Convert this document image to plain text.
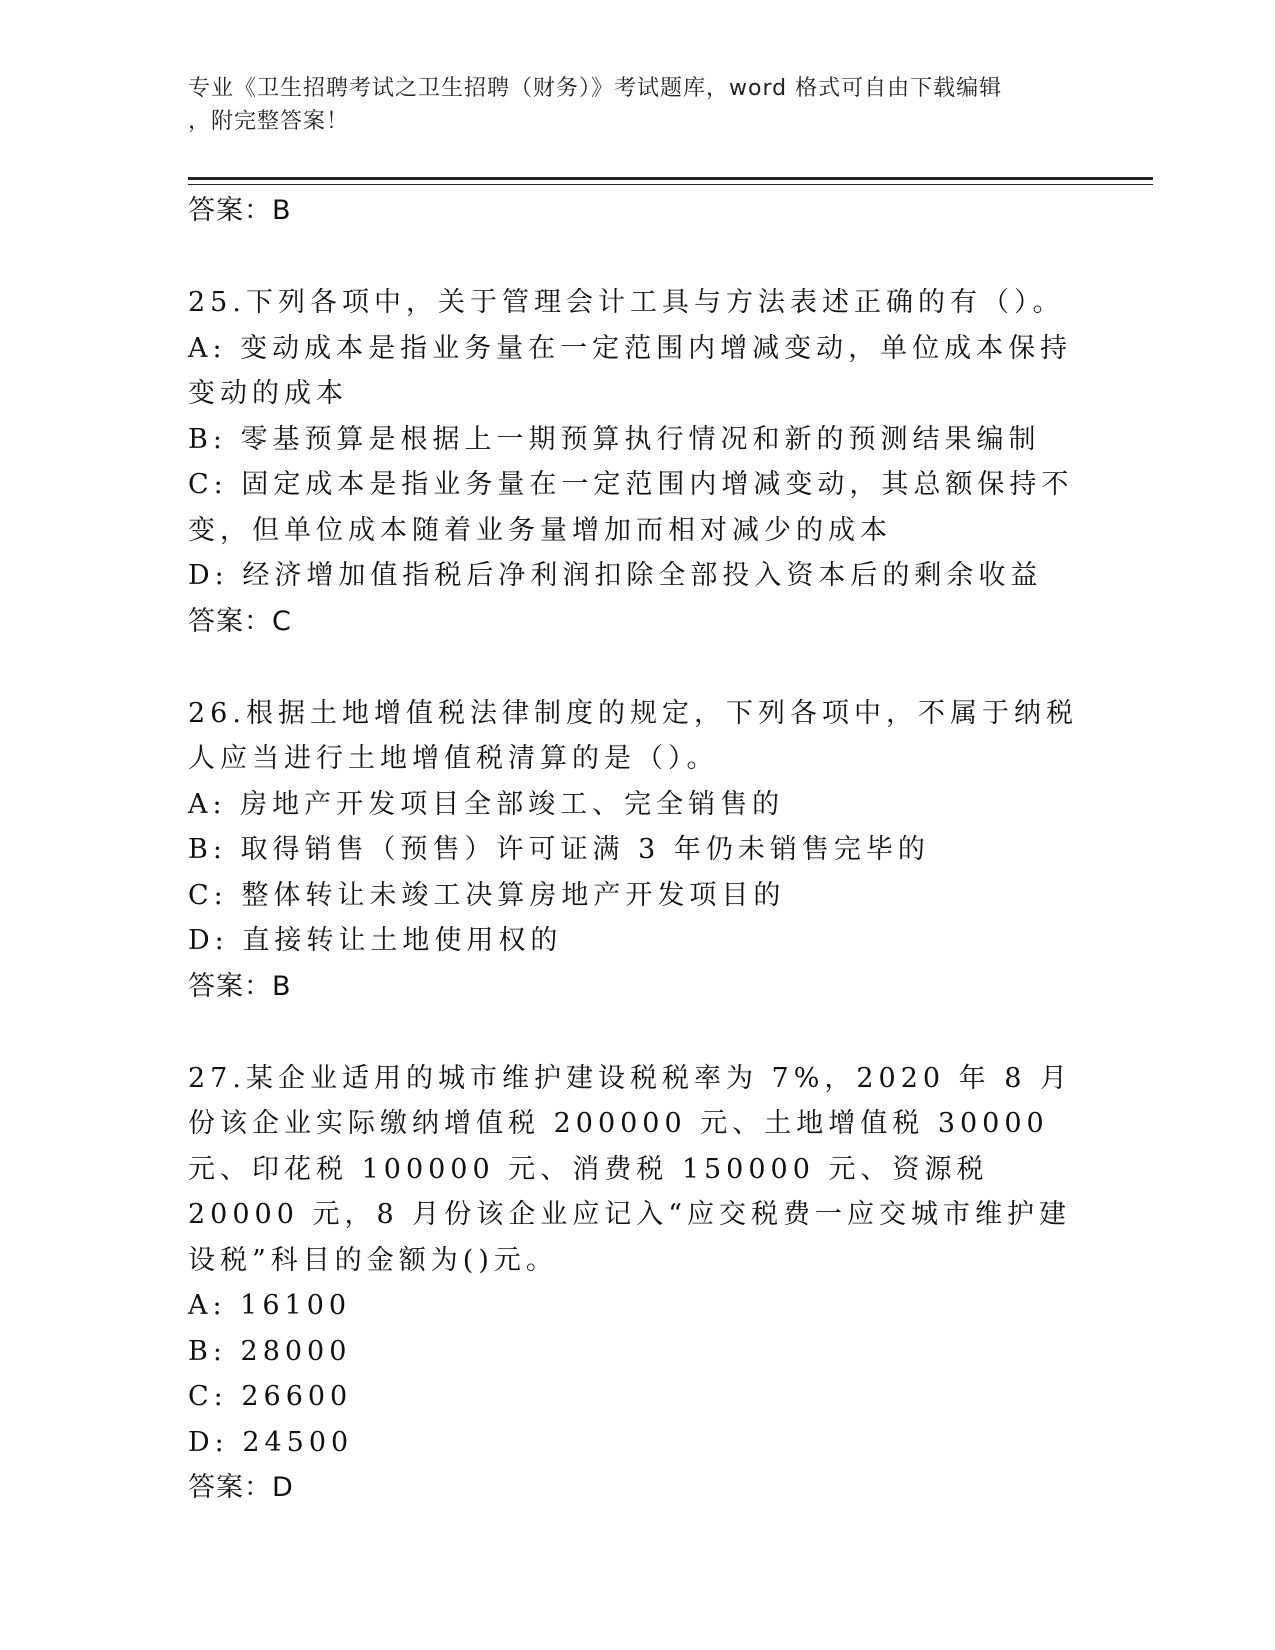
专业《卫生招聘考试之卫生招聘（财务）》考试题库，word 格式可自由下载编辑
，附完整答案！

答案：B

25.下列各项中，关于管理会计工具与方法表述正确的有（）。

A: 变动成本是指业务量在一定范围内增减变动，单位成本保持变动的成本

B: 零基预算是根据上一期预算执行情况和新的预测结果编制

C: 固定成本是指业务量在一定范围内增减变动，其总额保持不变，但单位成本随着业务量增加而相对减少的成本

D: 经济增加值指税后净利润扣除全部投入资本后的剩余收益

答案：C

26.根据土地增值税法律制度的规定，下列各项中，不属于纳税人应当进行土地增值税清算的是（）。

A: 房地产开发项目全部竣工、完全销售的

B: 取得销售（预售）许可证满 3 年仍未销售完毕的

C: 整体转让未竣工决算房地产开发项目的

D: 直接转让土地使用权的

答案：B

27.某企业适用的城市维护建设税税率为 7%，2020 年 8 月份该企业实际缴纳增值税 200000 元、土地增值税 30000 元、印花税 100000 元、消费税 150000 元、资源税 20000 元，8 月份该企业应记入“应交税费一应交城市维护建设税”科目的金额为()元。

A: 16100

B: 28000

C: 26600

D: 24500

答案：D
